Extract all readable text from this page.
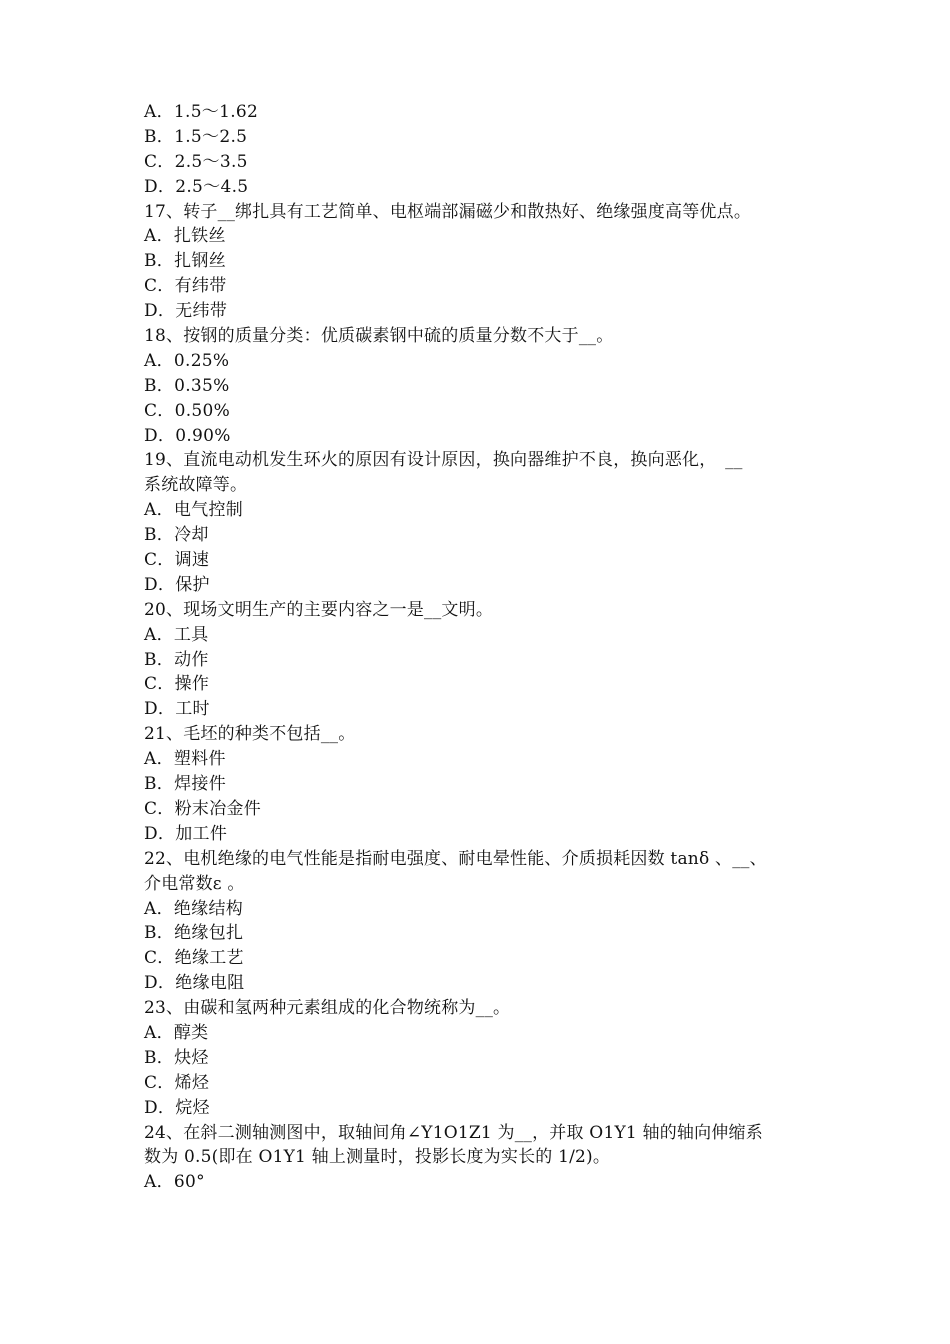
A．1.5～1.62
B．1.5～2.5
C．2.5～3.5
D．2.5～4.5
17、转子__绑扎具有工艺简单、电枢端部漏磁少和散热好、绝缘强度高等优点。
A．扎铁丝
B．扎钢丝
C．有纬带
D．无纬带
18、按钢的质量分类：优质碳素钢中硫的质量分数不大于__。
A．0.25%
B．0.35%
C．0.50%
D．0.90%
19、直流电动机发生环火的原因有设计原因，换向器维护不良，换向恶化，　__
系统故障等。
A．电气控制
B．冷却
C．调速
D．保护
20、现场文明生产的主要内容之一是__文明。
A．工具
B．动作
C．操作
D．工时
21、毛坯的种类不包括__。
A．塑料件
B．焊接件
C．粉末冶金件
D．加工件
22、电机绝缘的电气性能是指耐电强度、耐电晕性能、介质损耗因数 tanδ 、__、
介电常数ε 。
A．绝缘结构
B．绝缘包扎
C．绝缘工艺
D．绝缘电阻
23、由碳和氢两种元素组成的化合物统称为__。
A．醇类
B．炔烃
C．烯烃
D．烷烃
24、在斜二测轴测图中，取轴间角∠Y1O1Z1 为__，并取 O1Y1 轴的轴向伸缩系
数为 0.5(即在 O1Y1 轴上测量时，投影长度为实长的 1/2)。
A．60°
